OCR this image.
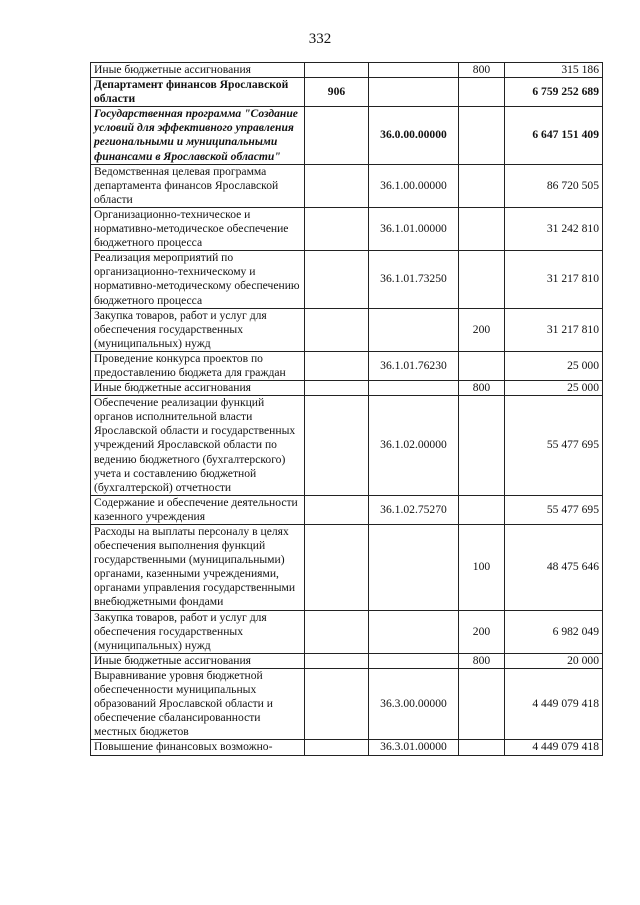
332
Иные бюджетные ассигнования			800	315 186
Департамент финансов Ярославской области	906			6 759 252 689
Государственная программа "Создание условий для эффективного управления региональными и муниципальными финансами в Ярославской области"		36.0.00.00000		6 647 151 409
Ведомственная целевая программа департамента финансов Ярославской области		36.1.00.00000		86 720 505
Организационно-техническое и нормативно-методическое обеспечение бюджетного процесса		36.1.01.00000		31 242 810
Реализация мероприятий по организационно-техническому и нормативно-методическому обеспечению бюджетного процесса		36.1.01.73250		31 217 810
Закупка товаров, работ и услуг для обеспечения государственных (муниципальных) нужд			200	31 217 810
Проведение конкурса проектов по предоставлению бюджета для граждан		36.1.01.76230		25 000
Иные бюджетные ассигнования			800	25 000
Обеспечение реализации функций органов исполнительной власти Ярославской области и государственных учреждений Ярославской области по ведению бюджетного (бухгалтерского) учета и составлению бюджетной (бухгалтерской) отчетности		36.1.02.00000		55 477 695
Содержание и обеспечение деятельности казенного учреждения		36.1.02.75270		55 477 695
Расходы на выплаты персоналу в целях обеспечения выполнения функций государственными (муниципальными) органами, казенными учреждениями, органами управления государственными внебюджетными фондами			100	48 475 646
Закупка товаров, работ и услуг для обеспечения государственных (муниципальных) нужд			200	6 982 049
Иные бюджетные ассигнования			800	20 000
Выравнивание уровня бюджетной обеспеченности муниципальных образований Ярославской области и обеспечение сбалансированности местных бюджетов		36.3.00.00000		4 449 079 418
Повышение финансовых возможно-		36.3.01.00000		4 449 079 418
